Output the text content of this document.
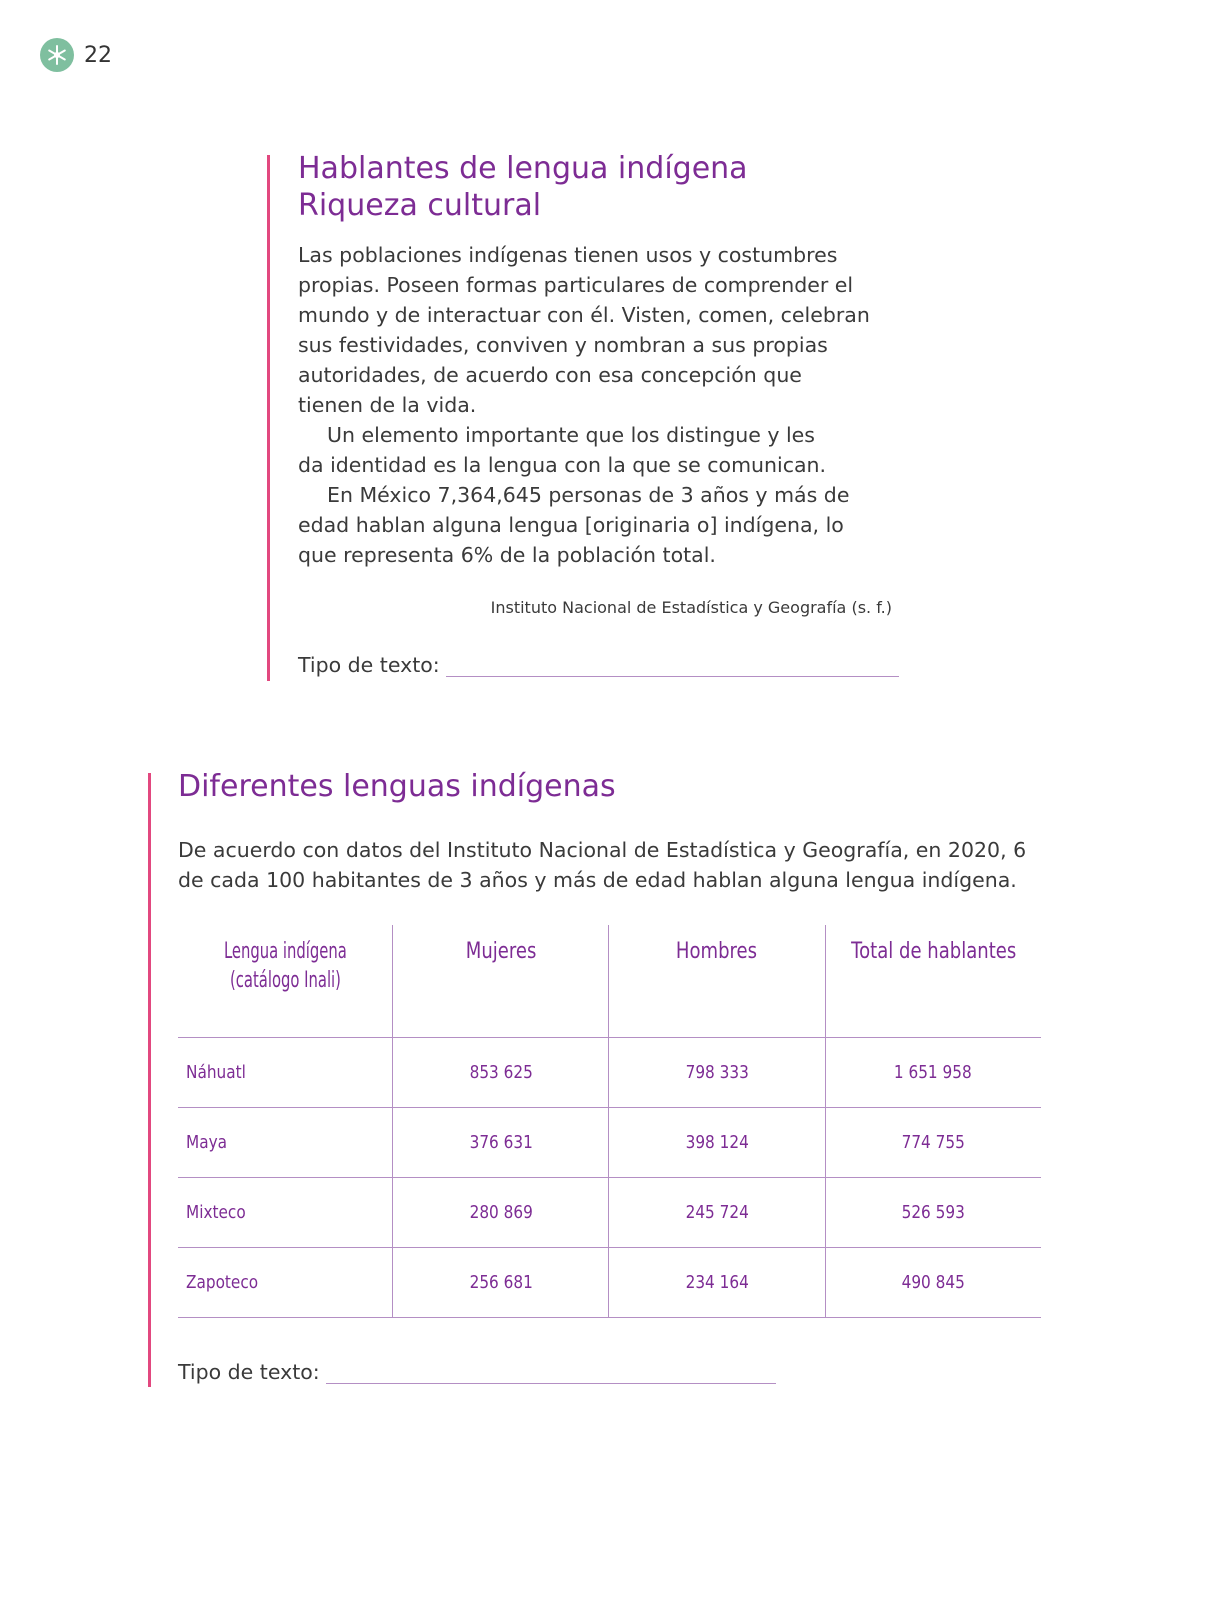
22
Hablantes de lengua indígena
Riqueza cultural

Las poblaciones indígenas tienen usos y costumbres propias. Poseen formas particulares de comprender el mundo y de interactuar con él. Visten, comen, celebran sus festividades, conviven y nombran a sus propias autoridades, de acuerdo con esa concepción que tienen de la vida.

Un elemento importante que los distingue y les da identidad es la lengua con la que se comunican.

En México 7,364,645 personas de 3 años y más de edad hablan alguna lengua [originaria o] indígena, lo que representa 6% de la población total.

Instituto Nacional de Estadística y Geografía (s. f.)
Tipo de texto:
Diferentes lenguas indígenas

De acuerdo con datos del Instituto Nacional de Estadística y Geografía, en 2020, 6 de cada 100 habitantes de 3 años y más de edad hablan alguna lengua indígena.

Lengua indígena
(catálogo Inali)	Mujeres	Hombres	Total de hablantes
Náhuatl	853 625	798 333	1 651 958
Maya	376 631	398 124	774 755
Mixteco	280 869	245 724	526 593
Zapoteco	256 681	234 164	490 845
Tipo de texto:
